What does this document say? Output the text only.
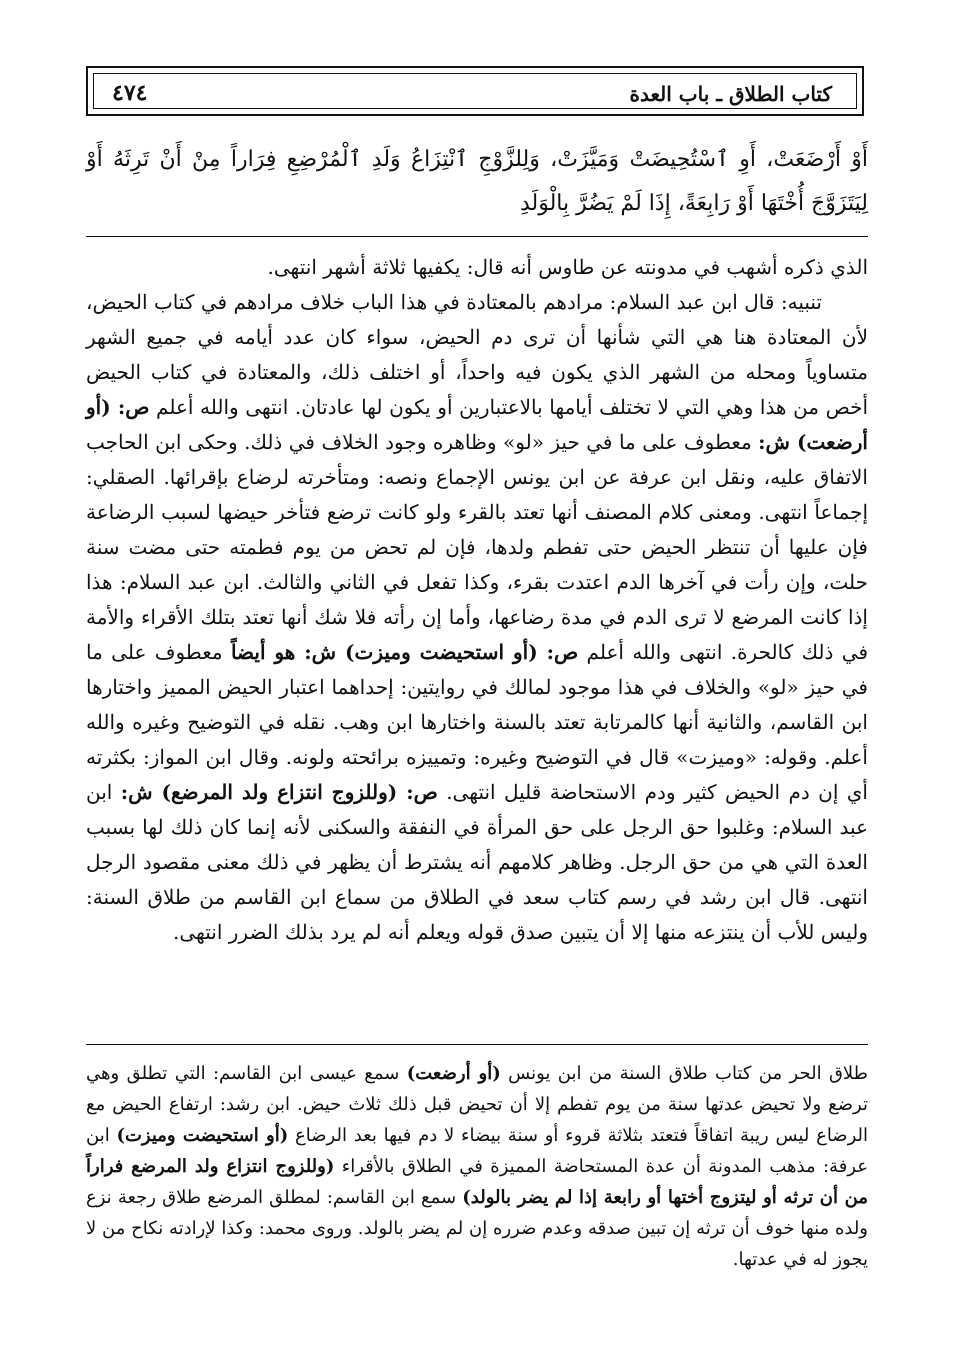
كتاب الطلاق ـ باب العدة
٤٧٤
أَوْ أَرْضَعَتْ، أَوِ ٱسْتُحِيضَتْ وَمَيَّزَتْ، وَلِلزَّوْجِ ٱنْتِزَاعُ وَلَدِ ٱلْمُرْضِعِ فِرَاراً مِنْ أَنْ تَرِثَهُ أَوْ لِيَتَزَوَّجَ أُخْتَهَا أَوْ رَابِعَةً، إِذَا لَمْ يَضُرَّ بِالْوَلَدِ

الذي ذكره أشهب في مدونته عن طاوس أنه قال: يكفيها ثلاثة أشهر انتهى.

تنبيه: قال ابن عبد السلام: مرادهم بالمعتادة في هذا الباب خلاف مرادهم في كتاب الحيض، لأن المعتادة هنا هي التي شأنها أن ترى دم الحيض، سواء كان عدد أيامه في جميع الشهر متساوياً ومحله من الشهر الذي يكون فيه واحداً، أو اختلف ذلك، والمعتادة في كتاب الحيض أخص من هذا وهي التي لا تختلف أيامها بالاعتبارين أو يكون لها عادتان. انتهى والله أعلم ص: (أو أرضعت) ش: معطوف على ما في حيز «لو» وظاهره وجود الخلاف في ذلك. وحكى ابن الحاجب الاتفاق عليه، ونقل ابن عرفة عن ابن يونس الإجماع ونصه: ومتأخرته لرضاع بإقرائها. الصقلي: إجماعاً انتهى. ومعنى كلام المصنف أنها تعتد بالقرء ولو كانت ترضع فتأخر حيضها لسبب الرضاعة فإن عليها أن تنتظر الحيض حتى تفطم ولدها، فإن لم تحض من يوم فطمته حتى مضت سنة حلت، وإن رأت في آخرها الدم اعتدت بقرء، وكذا تفعل في الثاني والثالث. ابن عبد السلام: هذا إذا كانت المرضع لا ترى الدم في مدة رضاعها، وأما إن رأته فلا شك أنها تعتد بتلك الأقراء والأمة في ذلك كالحرة. انتهى والله أعلم ص: (أو استحيضت وميزت) ش: هو أيضاً معطوف على ما في حيز «لو» والخلاف في هذا موجود لمالك في روايتين: إحداهما اعتبار الحيض المميز واختارها ابن القاسم، والثانية أنها كالمرتابة تعتد بالسنة واختارها ابن وهب. نقله في التوضيح وغيره والله أعلم. وقوله: «وميزت» قال في التوضيح وغيره: وتمييزه برائحته ولونه. وقال ابن المواز: بكثرته أي إن دم الحيض كثير ودم الاستحاضة قليل انتهى. ص: (وللزوج انتزاع ولد المرضع) ش: ابن عبد السلام: وغلبوا حق الرجل على حق المرأة في النفقة والسكنى لأنه إنما كان ذلك لها بسبب العدة التي هي من حق الرجل. وظاهر كلامهم أنه يشترط أن يظهر في ذلك معنى مقصود الرجل انتهى. قال ابن رشد في رسم كتاب سعد في الطلاق من سماع ابن القاسم من طلاق السنة: وليس للأب أن ينتزعه منها إلا أن يتبين صدق قوله ويعلم أنه لم يرد بذلك الضرر انتهى.

طلاق الحر من كتاب طلاق السنة من ابن يونس (أو أرضعت) سمع عيسى ابن القاسم: التي تطلق وهي ترضع ولا تحيض عدتها سنة من يوم تفطم إلا أن تحيض قبل ذلك ثلاث حيض. ابن رشد: ارتفاع الحيض مع الرضاع ليس ريبة اتفاقاً فتعتد بثلاثة قروء أو سنة بيضاء لا دم فيها بعد الرضاع (أو استحيضت وميزت) ابن عرفة: مذهب المدونة أن عدة المستحاضة المميزة في الطلاق بالأقراء (وللزوج انتزاع ولد المرضع فراراً من أن ترثه أو ليتزوج أختها أو رابعة إذا لم يضر بالولد) سمع ابن القاسم: لمطلق المرضع طلاق رجعة نزع ولده منها خوف أن ترثه إن تبين صدقه وعدم ضرره إن لم يضر بالولد. وروى محمد: وكذا لإرادته نكاح من لا يجوز له في عدتها.
